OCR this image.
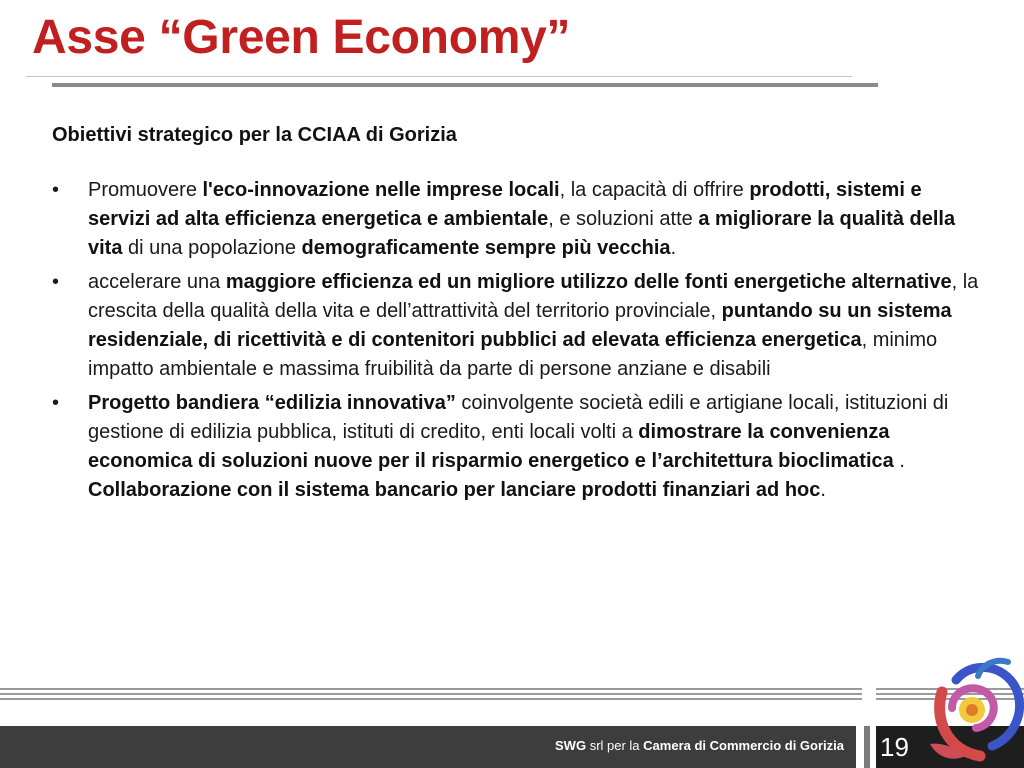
Asse “Green Economy”
Obiettivi strategico per la CCIAA di Gorizia
•	Promuovere l'eco-innovazione nelle imprese locali, la capacità di offrire prodotti, sistemi e servizi ad alta efficienza energetica e ambientale, e soluzioni atte a migliorare la qualità della vita di una popolazione demograficamente sempre più vecchia.
•	accelerare una maggiore efficienza ed un migliore utilizzo delle fonti energetiche alternative, la crescita della qualità della vita e dell’attrattività del territorio provinciale, puntando su un sistema residenziale, di ricettività e di contenitori pubblici ad elevata efficienza energetica, minimo impatto ambientale e massima fruibilità da parte di persone anziane e disabili
•	Progetto bandiera “edilizia innovativa” coinvolgente società edili e artigiane locali, istituzioni di gestione di edilizia pubblica, istituti di credito, enti locali volti a dimostrare la convenienza economica di soluzioni nuove per il risparmio energetico e l’architettura bioclimatica . Collaborazione con il sistema bancario per lanciare prodotti finanziari ad hoc.
SWG srl per la Camera di Commercio di Gorizia 19
